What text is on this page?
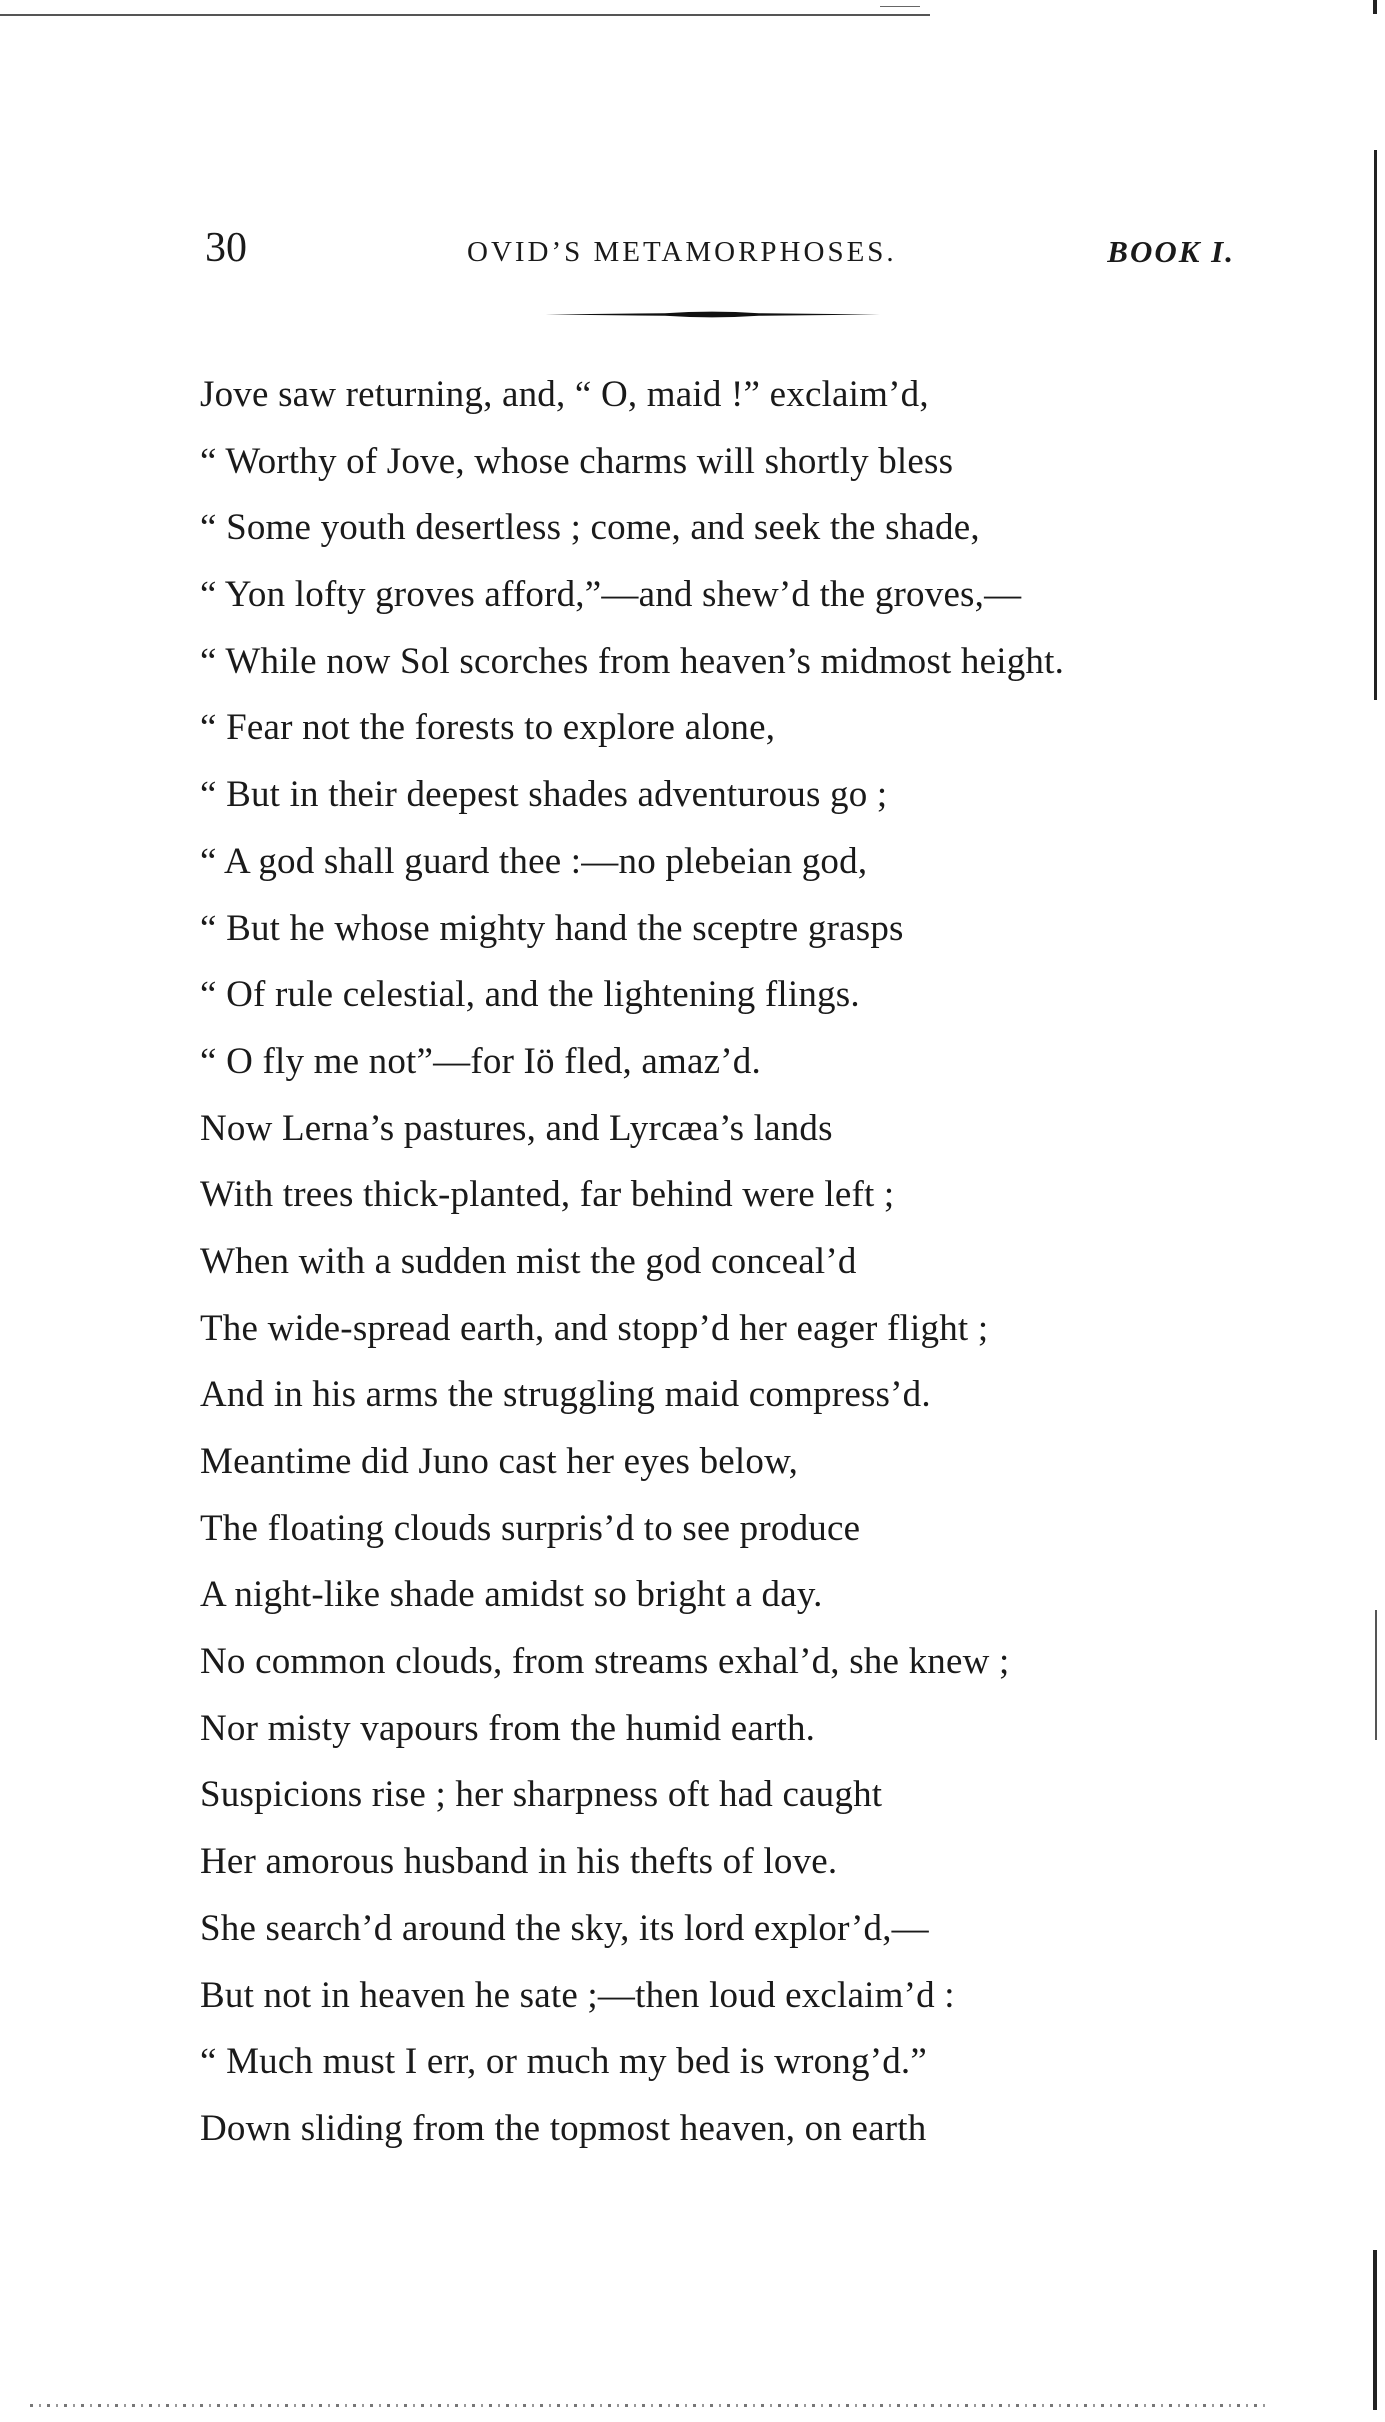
30	OVID’S METAMORPHOSES.	BOOK I.
Jove saw returning, and, “ O, maid !” exclaim’d,
“ Worthy of Jove, whose charms will shortly bless
“ Some youth desertless ; come, and seek the shade,
“ Yon lofty groves afford,”—and shew’d the groves,—
“ While now Sol scorches from heaven’s midmost height.
“ Fear not the forests to explore alone,
“ But in their deepest shades adventurous go ;
“ A god shall guard thee :—no plebeian god,
“ But he whose mighty hand the sceptre grasps
“ Of rule celestial, and the lightening flings.
“ O fly me not”—for Iö fled, amaz’d.
Now Lerna’s pastures, and Lyrcæa’s lands
With trees thick-planted, far behind were left ;
When with a sudden mist the god conceal’d
The wide-spread earth, and stopp’d her eager flight ;
And in his arms the struggling maid compress’d.
Meantime did Juno cast her eyes below,
The floating clouds surpris’d to see produce
A night-like shade amidst so bright a day.
No common clouds, from streams exhal’d, she knew ;
Nor misty vapours from the humid earth.
Suspicions rise ; her sharpness oft had caught
Her amorous husband in his thefts of love.
She search’d around the sky, its lord explor’d,—
But not in heaven he sate ;—then loud exclaim’d :
“ Much must I err, or much my bed is wrong’d.”
Down sliding from the topmost heaven, on earth
